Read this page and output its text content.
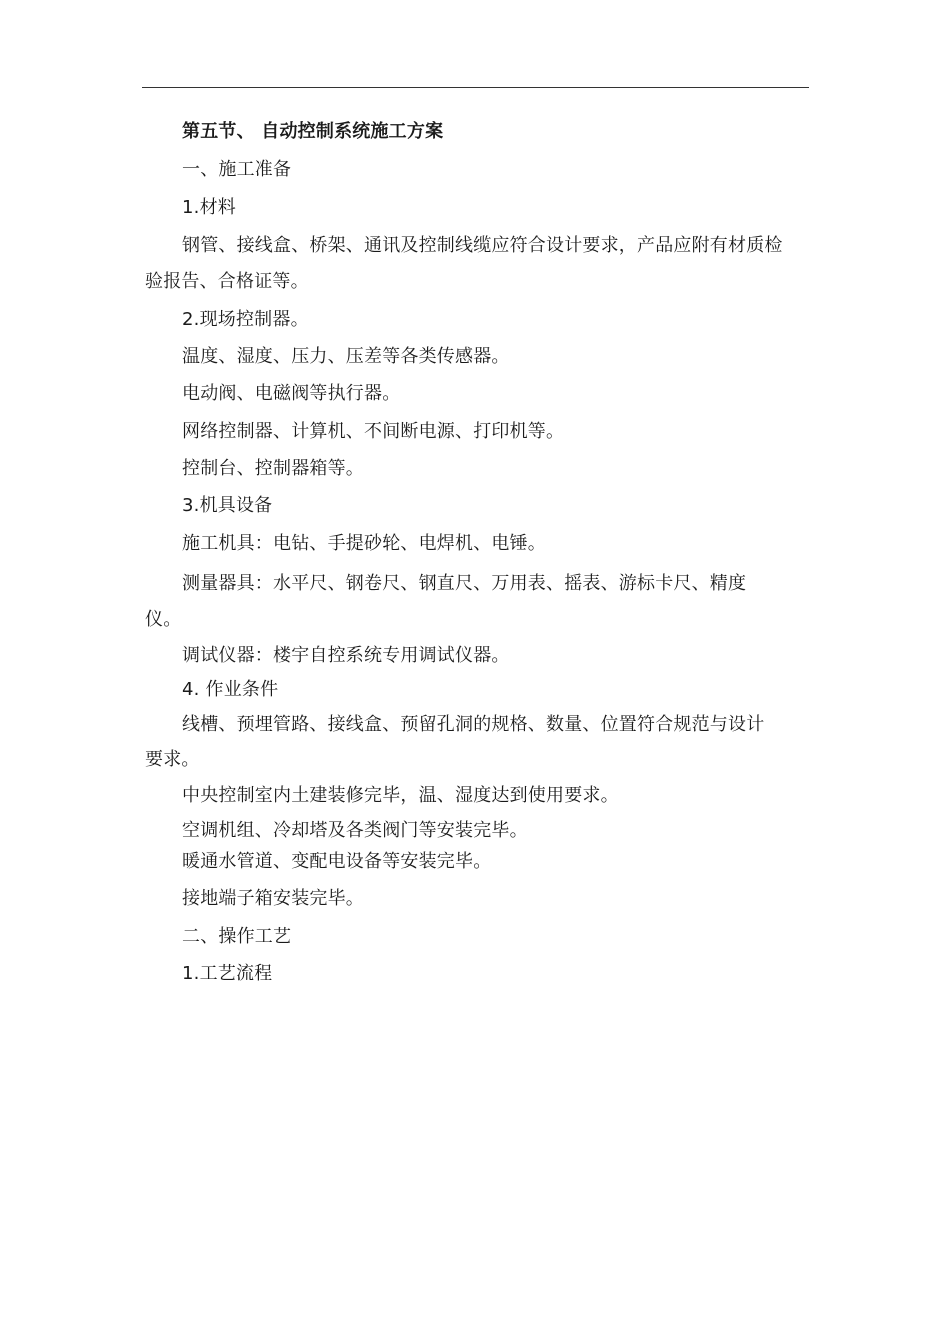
第五节、 自动控制系统施工方案
一、施工准备
1.材料
钢管、接线盒、桥架、通讯及控制线缆应符合设计要求，产品应附有材质检
验报告、合格证等。
2.现场控制器。
温度、湿度、压力、压差等各类传感器。
电动阀、电磁阀等执行器。
网络控制器、计算机、不间断电源、打印机等。
控制台、控制器箱等。
3.机具设备
施工机具：电钻、手提砂轮、电焊机、电锤。
测量器具：水平尺、钢卷尺、钢直尺、万用表、摇表、游标卡尺、精度
仪。
调试仪器：楼宇自控系统专用调试仪器。
4. 作业条件
线槽、预埋管路、接线盒、预留孔洞的规格、数量、位置符合规范与设计
要求。
中央控制室内土建装修完毕，温、湿度达到使用要求。
空调机组、冷却塔及各类阀门等安装完毕。
暖通水管道、变配电设备等安装完毕。
接地端子箱安装完毕。
二、操作工艺
1.工艺流程
